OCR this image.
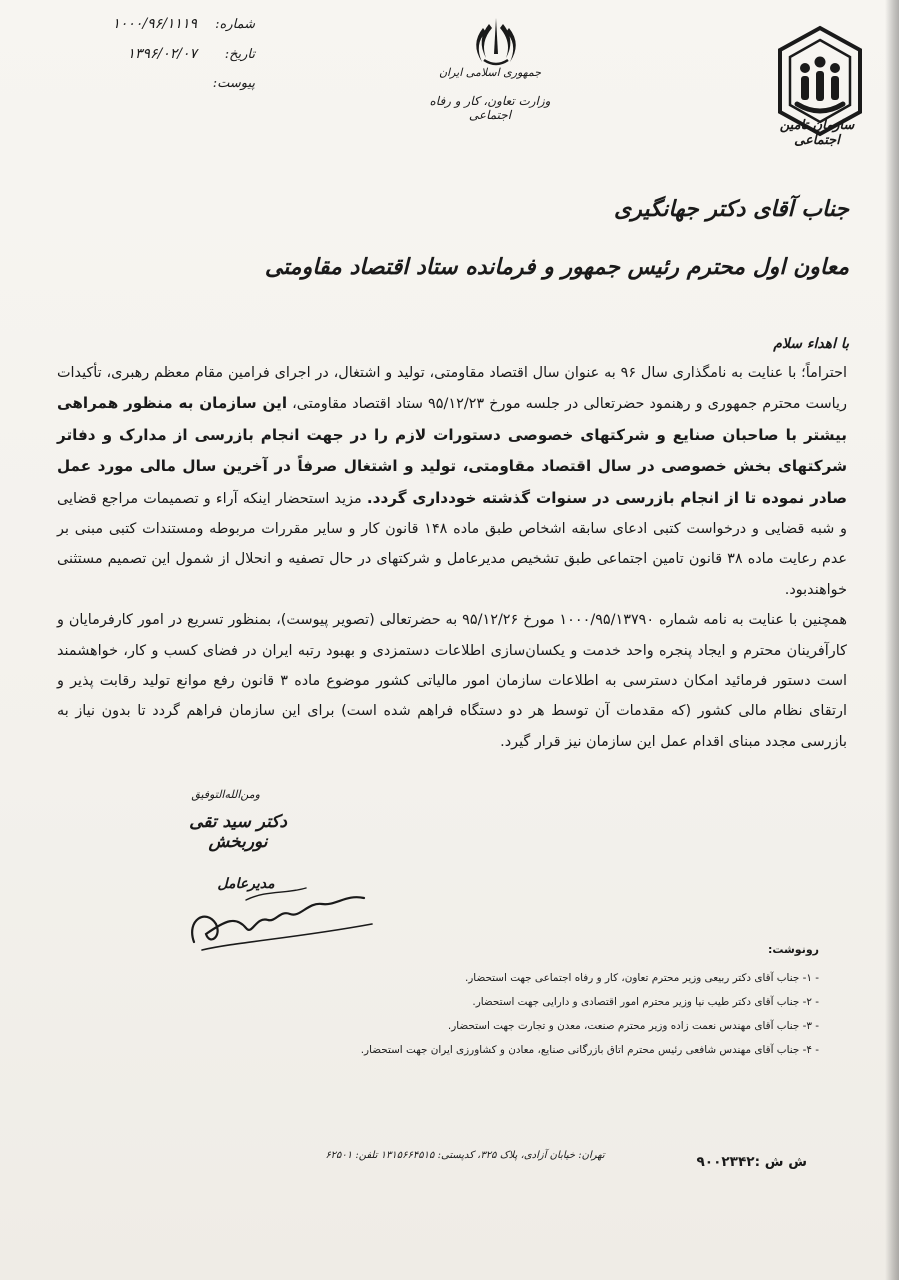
سازمان تامین اجتماعی
جمهوری اسلامی ایران
وزارت تعاون، کار و رفاه اجتماعی
شماره:
۱۰۰۰/۹۶/۱۱۱۹
تاریخ:
۱۳۹۶/۰۲/۰۷
پیوست:
جناب آقای دکتر جهانگیری
معاون اول محترم رئیس جمهور و فرمانده ستاد اقتصاد مقاومتی
با اهداء سلام

احتراماً؛ با عنایت به نامگذاری سال ۹۶ به عنوان سال اقتصاد مقاومتی، تولید و اشتغال، در اجرای فرامین مقام معظم رهبری، تأکیدات ریاست محترم جمهوری و رهنمود حضرتعالی در جلسه مورخ ۹۵/۱۲/۲۳ ستاد اقتصاد مقاومتی، این سازمان به منظور همراهی بیشتر با صاحبان صنایع و شرکتهای خصوصی دستورات لازم را در جهت انجام بازرسی از مدارک و دفاتر شرکتهای بخش خصوصی در سال اقتصاد مقاومتی، تولید و اشتغال صرفاً در آخرین سال مالی مورد عمل صادر نموده تا از انجام بازرسی در سنوات گذشته خودداری گردد. مزید استحضار اینکه آراء و تصمیمات مراجع قضایی و شبه قضایی و درخواست کتبی ادعای سابقه اشخاص طبق ماده ۱۴۸ قانون کار و سایر مقررات مربوطه ومستندات کتبی مبنی بر عدم رعایت ماده ۳۸ قانون تامین اجتماعی طبق تشخیص مدیرعامل و شرکتهای در حال تصفیه و انحلال از شمول این تصمیم مستثنی خواهندبود.

همچنین با عنایت به نامه شماره ۱۰۰۰/۹۵/۱۳۷۹۰ مورخ ۹۵/۱۲/۲۶ به حضرتعالی (تصویر پیوست)، بمنظور تسریع در امور کارفرمایان و کارآفرینان محترم و ایجاد پنجره واحد خدمت و یکسان‌سازی اطلاعات دستمزدی و بهبود رتبه ایران در فضای کسب و کار، خواهشمند است دستور فرمائید امکان دسترسی به اطلاعات سازمان امور مالیاتی کشور موضوع ماده ۳ قانون رفع موانع تولید رقابت پذیر و ارتقای نظام مالی کشور (که مقدمات آن توسط هر دو دستگاه فراهم شده است) برای این سازمان فراهم گردد تا بدون نیاز به بازرسی مجدد مبنای اقدام عمل این سازمان نیز قرار گیرد.

ومن‌الله‌التوفیق
دکتر سید تقی نوربخش
مدیرعامل
رونوشت:
- ۱- جناب آقای دکتر ربیعی وزیر محترم تعاون، کار و رفاه اجتماعی جهت استحضار.
- ۲- جناب آقای دکتر طیب نیا وزیر محترم امور اقتصادی و دارایی جهت استحضار.
- ۳- جناب آقای مهندس نعمت زاده وزیر محترم صنعت، معدن و تجارت جهت استحضار.
- ۴- جناب آقای مهندس شافعی رئیس محترم اتاق بازرگانی صنایع، معادن و کشاورزی ایران جهت استحضار.
تهران: خیابان آزادی، پلاک ۳۲۵، کدپستی: ۱۳۱۵۶۶۴۵۱۵ تلفن: ۶۲۵۰۱	ش ش :۹۰۰۲۳۴۲
